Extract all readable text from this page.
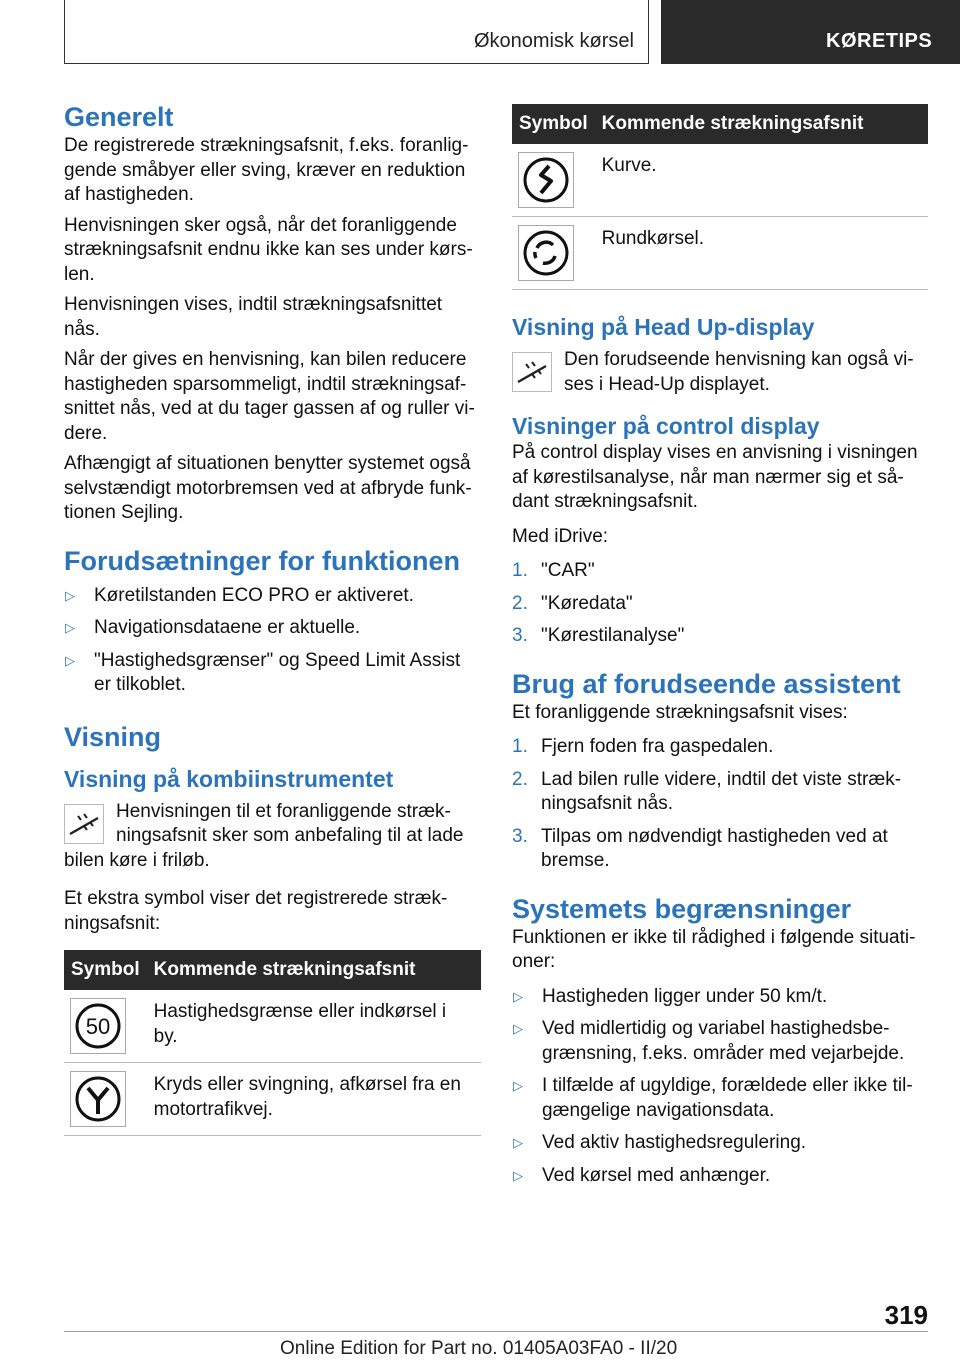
Økonomisk kørsel	KØRETIPS
Generelt

De registrerede strækningsafsnit, f.eks. foranliggende småbyer eller sving, kræver en reduktion af hastigheden.

Henvisningen sker også, når det foranliggende strækningsafsnit endnu ikke kan ses under kørslen.

Henvisningen vises, indtil strækningsafsnittet nås.

Når der gives en henvisning, kan bilen reducere hastigheden sparsommeligt, indtil strækningsafsnittet nås, ved at du tager gassen af og ruller videre.

Afhængigt af situationen benytter systemet også selvstændigt motorbremsen ved at afbryde funktionen Sejling.

Forudsætninger for funktionen
▷	Køretilstanden ECO PRO er aktiveret.
▷	Navigationsdataene er aktuelle.
▷	"Hastighedsgrænser" og Speed Limit Assist er tilkoblet.
Visning
Visning på kombiinstrumentet

Henvisningen til et foranliggende strækningsafsnit sker som anbefaling til at lade bilen køre i friløb.

Et ekstra symbol viser det registrerede strækningsafsnit:

Symbol	Kommende strækningsafsnit

50	Hastighedsgrænse eller indkørsel i by.

	Kryds eller svingning, afkørsel fra en motortrafikvej.
Symbol	Kommende strækningsafsnit

	Kurve.

	Rundkørsel.
Visning på Head Up-display

Den forudseende henvisning kan også vises i Head-Up displayet.

Visninger på control display

På control display vises en anvisning i visningen af kørestilsanalyse, når man nærmer sig et sådant strækningsafsnit.

Med iDrive:

1. "CAR"
2. "Køredata"
3. "Kørestilanalyse"
Brug af forudseende assistent

Et foranliggende strækningsafsnit vises:

1. Fjern foden fra gaspedalen.
2. Lad bilen rulle videre, indtil det viste strækningsafsnit nås.
3. Tilpas om nødvendigt hastigheden ved at bremse.
Systemets begrænsninger

Funktionen er ikke til rådighed i følgende situationer:

▷	Hastigheden ligger under 50 km/t.
▷	Ved midlertidig og variabel hastighedsbegrænsning, f.eks. områder med vejarbejde.
▷	I tilfælde af ugyldige, forældede eller ikke tilgængelige navigationsdata.
▷	Ved aktiv hastighedsregulering.
▷	Ved kørsel med anhænger.
319
Online Edition for Part no. 01405A03FA0 - II/20
